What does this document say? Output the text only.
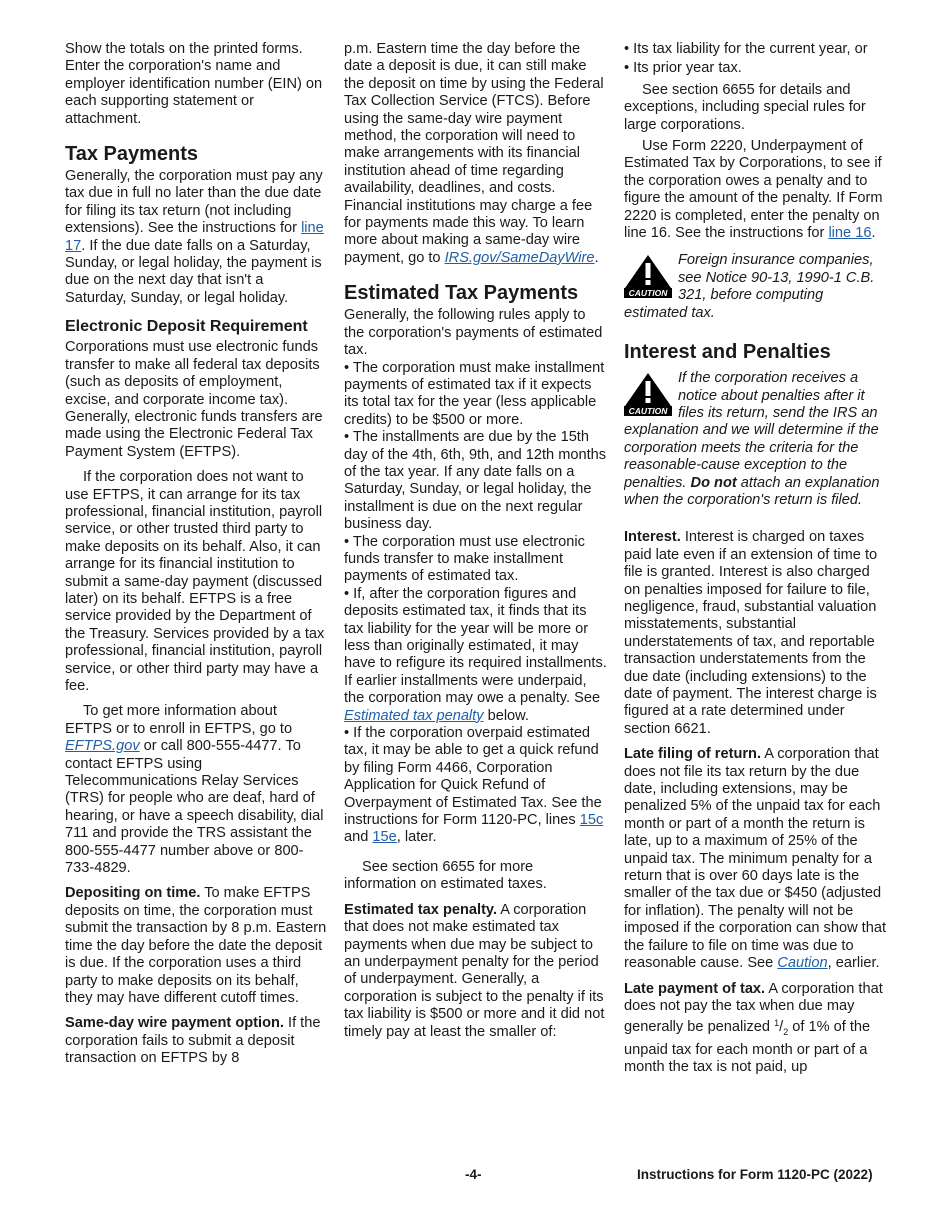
Show the totals on the printed forms. Enter the corporation's name and employer identification number (EIN) on each supporting statement or attachment.

Tax Payments

Generally, the corporation must pay any tax due in full no later than the due date for filing its tax return (not including extensions). See the instructions for line 17. If the due date falls on a Saturday, Sunday, or legal holiday, the payment is due on the next day that isn't a Saturday, Sunday, or legal holiday.

Electronic Deposit Requirement

Corporations must use electronic funds transfer to make all federal tax deposits (such as deposits of employment, excise, and corporate income tax). Generally, electronic funds transfers are made using the Electronic Federal Tax Payment System (EFTPS).

If the corporation does not want to use EFTPS, it can arrange for its tax professional, financial institution, payroll service, or other trusted third party to make deposits on its behalf. Also, it can arrange for its financial institution to submit a same-day payment (discussed later) on its behalf. EFTPS is a free service provided by the Department of the Treasury. Services provided by a tax professional, financial institution, payroll service, or other third party may have a fee.

To get more information about EFTPS or to enroll in EFTPS, go to EFTPS.gov or call 800-555-4477. To contact EFTPS using Telecommunications Relay Services (TRS) for people who are deaf, hard of hearing, or have a speech disability, dial 711 and provide the TRS assistant the 800-555-4477 number above or 800-733-4829.

Depositing on time. To make EFTPS deposits on time, the corporation must submit the transaction by 8 p.m. Eastern time the day before the date the deposit is due. If the corporation uses a third party to make deposits on its behalf, they may have different cutoff times.

Same-day wire payment option. If the corporation fails to submit a deposit transaction on EFTPS by 8

p.m. Eastern time the day before the date a deposit is due, it can still make the deposit on time by using the Federal Tax Collection Service (FTCS). Before using the same-day wire payment method, the corporation will need to make arrangements with its financial institution ahead of time regarding availability, deadlines, and costs. Financial institutions may charge a fee for payments made this way. To learn more about making a same-day wire payment, go to IRS.gov/SameDayWire.

Estimated Tax Payments

Generally, the following rules apply to the corporation's payments of estimated tax.

• The corporation must make installment payments of estimated tax if it expects its total tax for the year (less applicable credits) to be $500 or more.

• The installments are due by the 15th day of the 4th, 6th, 9th, and 12th months of the tax year. If any date falls on a Saturday, Sunday, or legal holiday, the installment is due on the next regular business day.

• The corporation must use electronic funds transfer to make installment payments of estimated tax.

• If, after the corporation figures and deposits estimated tax, it finds that its tax liability for the year will be more or less than originally estimated, it may have to refigure its required installments. If earlier installments were underpaid, the corporation may owe a penalty. See Estimated tax penalty below.

• If the corporation overpaid estimated tax, it may be able to get a quick refund by filing Form 4466, Corporation Application for Quick Refund of Overpayment of Estimated Tax. See the instructions for Form 1120-PC, lines 15c and 15e, later.

See section 6655 for more information on estimated taxes.

Estimated tax penalty. A corporation that does not make estimated tax payments when due may be subject to an underpayment penalty for the period of underpayment. Generally, a corporation is subject to the penalty if its tax liability is $500 or more and it did not timely pay at least the smaller of:

• Its tax liability for the current year, or

• Its prior year tax.

See section 6655 for details and exceptions, including special rules for large corporations.

Use Form 2220, Underpayment of Estimated Tax by Corporations, to see if the corporation owes a penalty and to figure the amount of the penalty. If Form 2220 is completed, enter the penalty on line 16. See the instructions for line 16.

CAUTION
Foreign insurance companies, see Notice 90-13, 1990-1 C.B. 321, before computing estimated tax.
Interest and Penalties
CAUTION
If the corporation receives a notice about penalties after it files its return, send the IRS an explanation and we will determine if the corporation meets the criteria for the reasonable-cause exception to the penalties. Do not attach an explanation when the corporation's return is filed.

Interest. Interest is charged on taxes paid late even if an extension of time to file is granted. Interest is also charged on penalties imposed for failure to file, negligence, fraud, substantial valuation misstatements, substantial understatements of tax, and reportable transaction understatements from the due date (including extensions) to the date of payment. The interest charge is figured at a rate determined under section 6621.

Late filing of return. A corporation that does not file its tax return by the due date, including extensions, may be penalized 5% of the unpaid tax for each month or part of a month the return is late, up to a maximum of 25% of the unpaid tax. The minimum penalty for a return that is over 60 days late is the smaller of the tax due or $450 (adjusted for inflation). The penalty will not be imposed if the corporation can show that the failure to file on time was due to reasonable cause. See Caution, earlier.

Late payment of tax. A corporation that does not pay the tax when due may generally be penalized $^1/_2$ of 1% of the unpaid tax for each month or part of a month the tax is not paid, up

-4-	Instructions for Form 1120-PC (2022)
